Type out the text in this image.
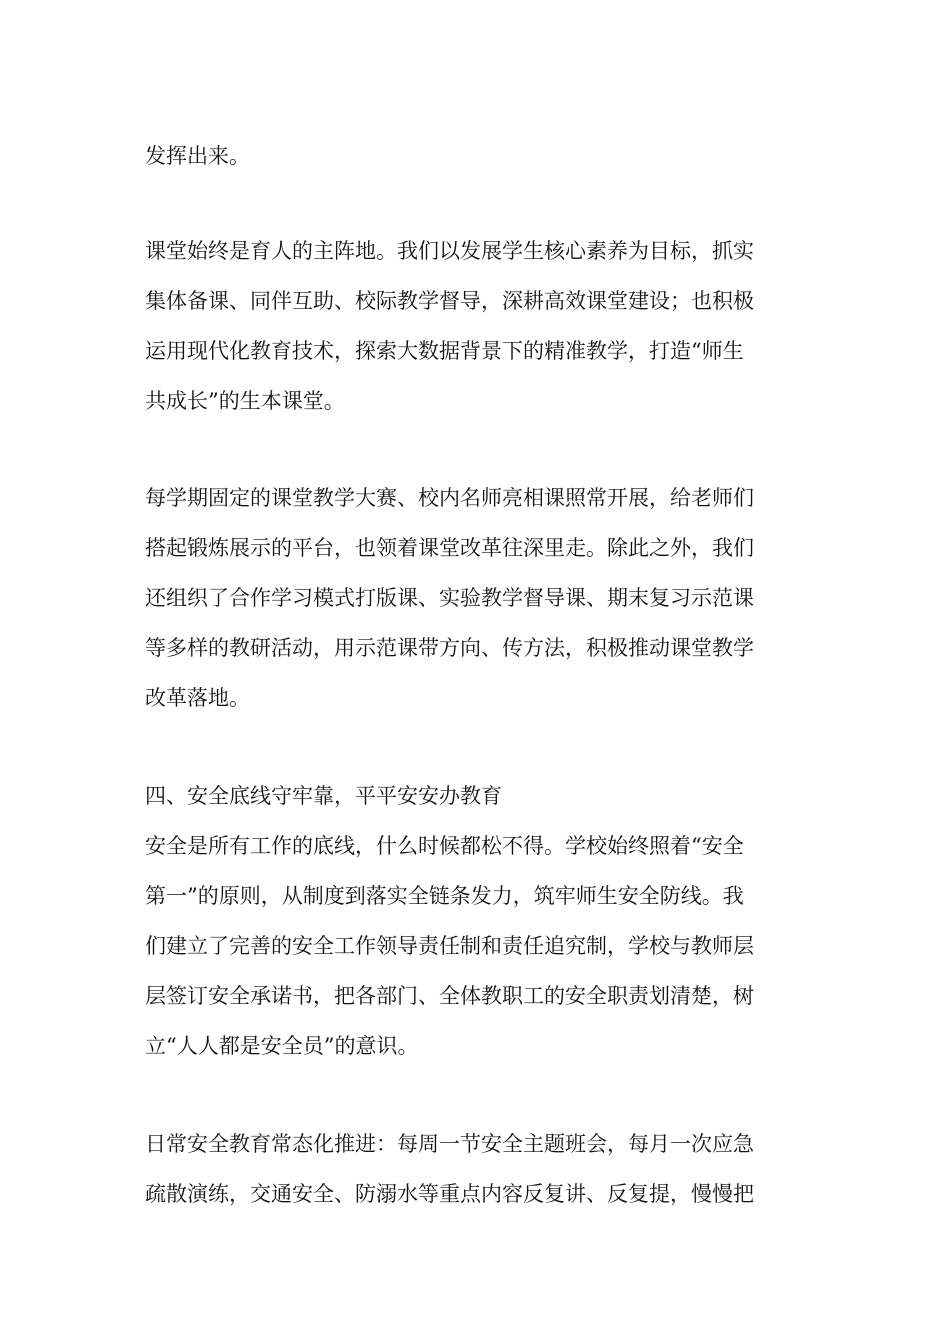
发挥出来。
课堂始终是育人的主阵地。我们以发展学生核心素养为目标，抓实
集体备课、同伴互助、校际教学督导，深耕高效课堂建设；也积极
运用现代化教育技术，探索大数据背景下的精准教学，打造“师生
共成长”的生本课堂。
每学期固定的课堂教学大赛、校内名师亮相课照常开展，给老师们
搭起锻炼展示的平台，也领着课堂改革往深里走。除此之外，我们
还组织了合作学习模式打版课、实验教学督导课、期末复习示范课
等多样的教研活动，用示范课带方向、传方法，积极推动课堂教学
改革落地。
四、安全底线守牢靠，平平安安办教育
安全是所有工作的底线，什么时候都松不得。学校始终照着“安全
第一”的原则，从制度到落实全链条发力，筑牢师生安全防线。我
们建立了完善的安全工作领导责任制和责任追究制，学校与教师层
层签订安全承诺书，把各部门、全体教职工的安全职责划清楚，树
立“人人都是安全员”的意识。
日常安全教育常态化推进：每周一节安全主题班会，每月一次应急
疏散演练，交通安全、防溺水等重点内容反复讲、反复提，慢慢把
